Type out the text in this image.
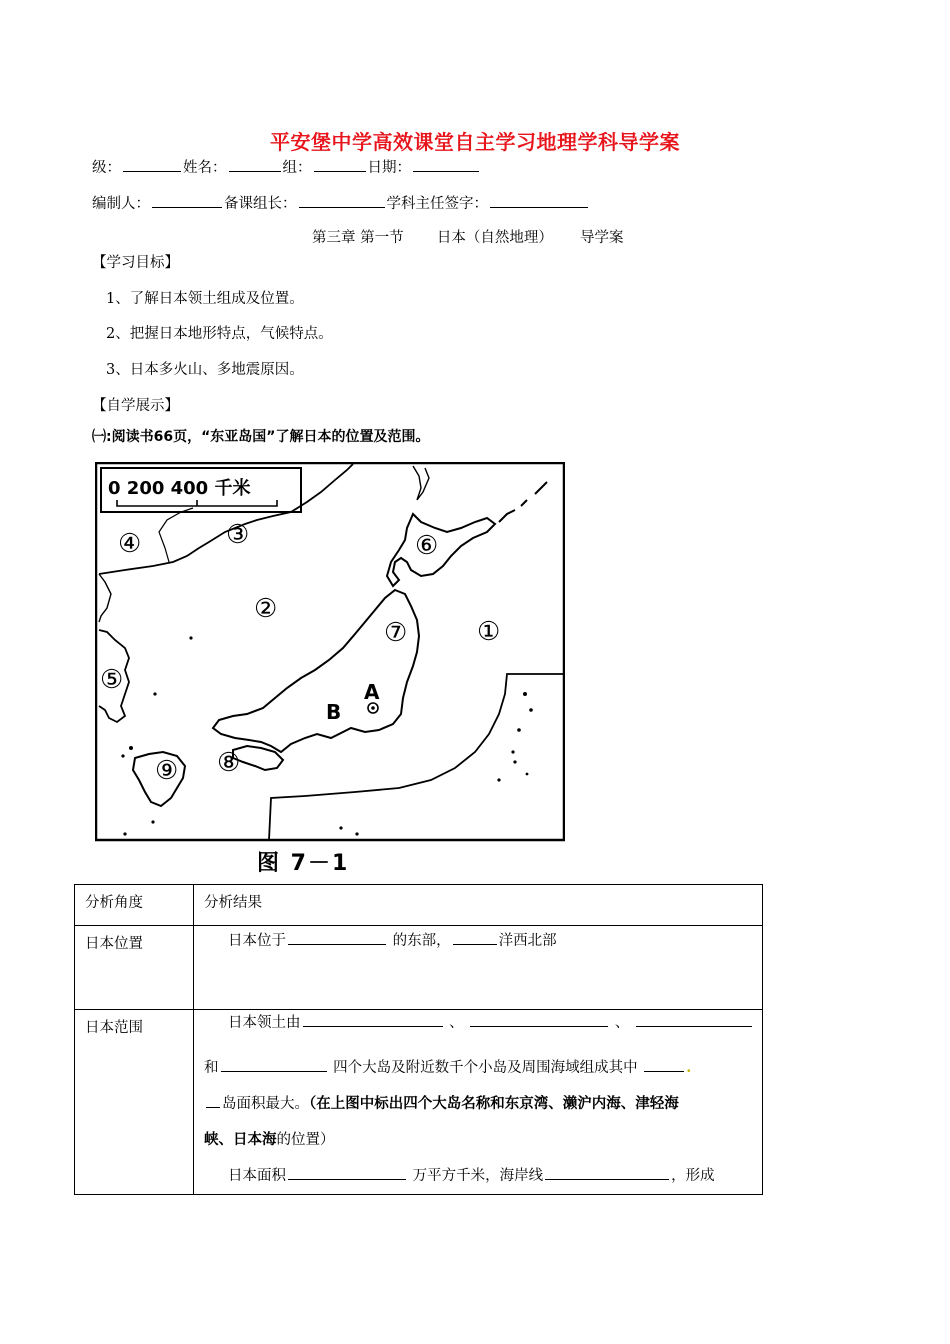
平安堡中学高效课堂自主学习地理学科导学案
级：	姓名：	组：	日期：
编制人：	备课组长：	学科主任签字：
第三章 第一节 日本（自然地理） 导学案
【学习目标】
1、了解日本领土组成及位置。
2、把握日本地形特点，气候特点。
3、日本多火山、多地震原因。
【自学展示】
㈠:阅读书66页，“东亚岛国”了解日本的位置及范围。
0 200 400 千米
①
②
③
④
⑤
⑥
⑦
⑧
⑨
A
B
图 7－1
分析角度	分析结果
日本位置	日本位于 的东部， 洋西北部

日本范围	日本领土由 、 、
和 四个大岛及附近数千个小岛及周围海域组成其中 .
岛面积最大。（在上图中标出四个大岛名称和东京湾、濑沪内海、津轻海
峡、日本海的位置）
日本面积 万平方千米，海岸线 ，形成
